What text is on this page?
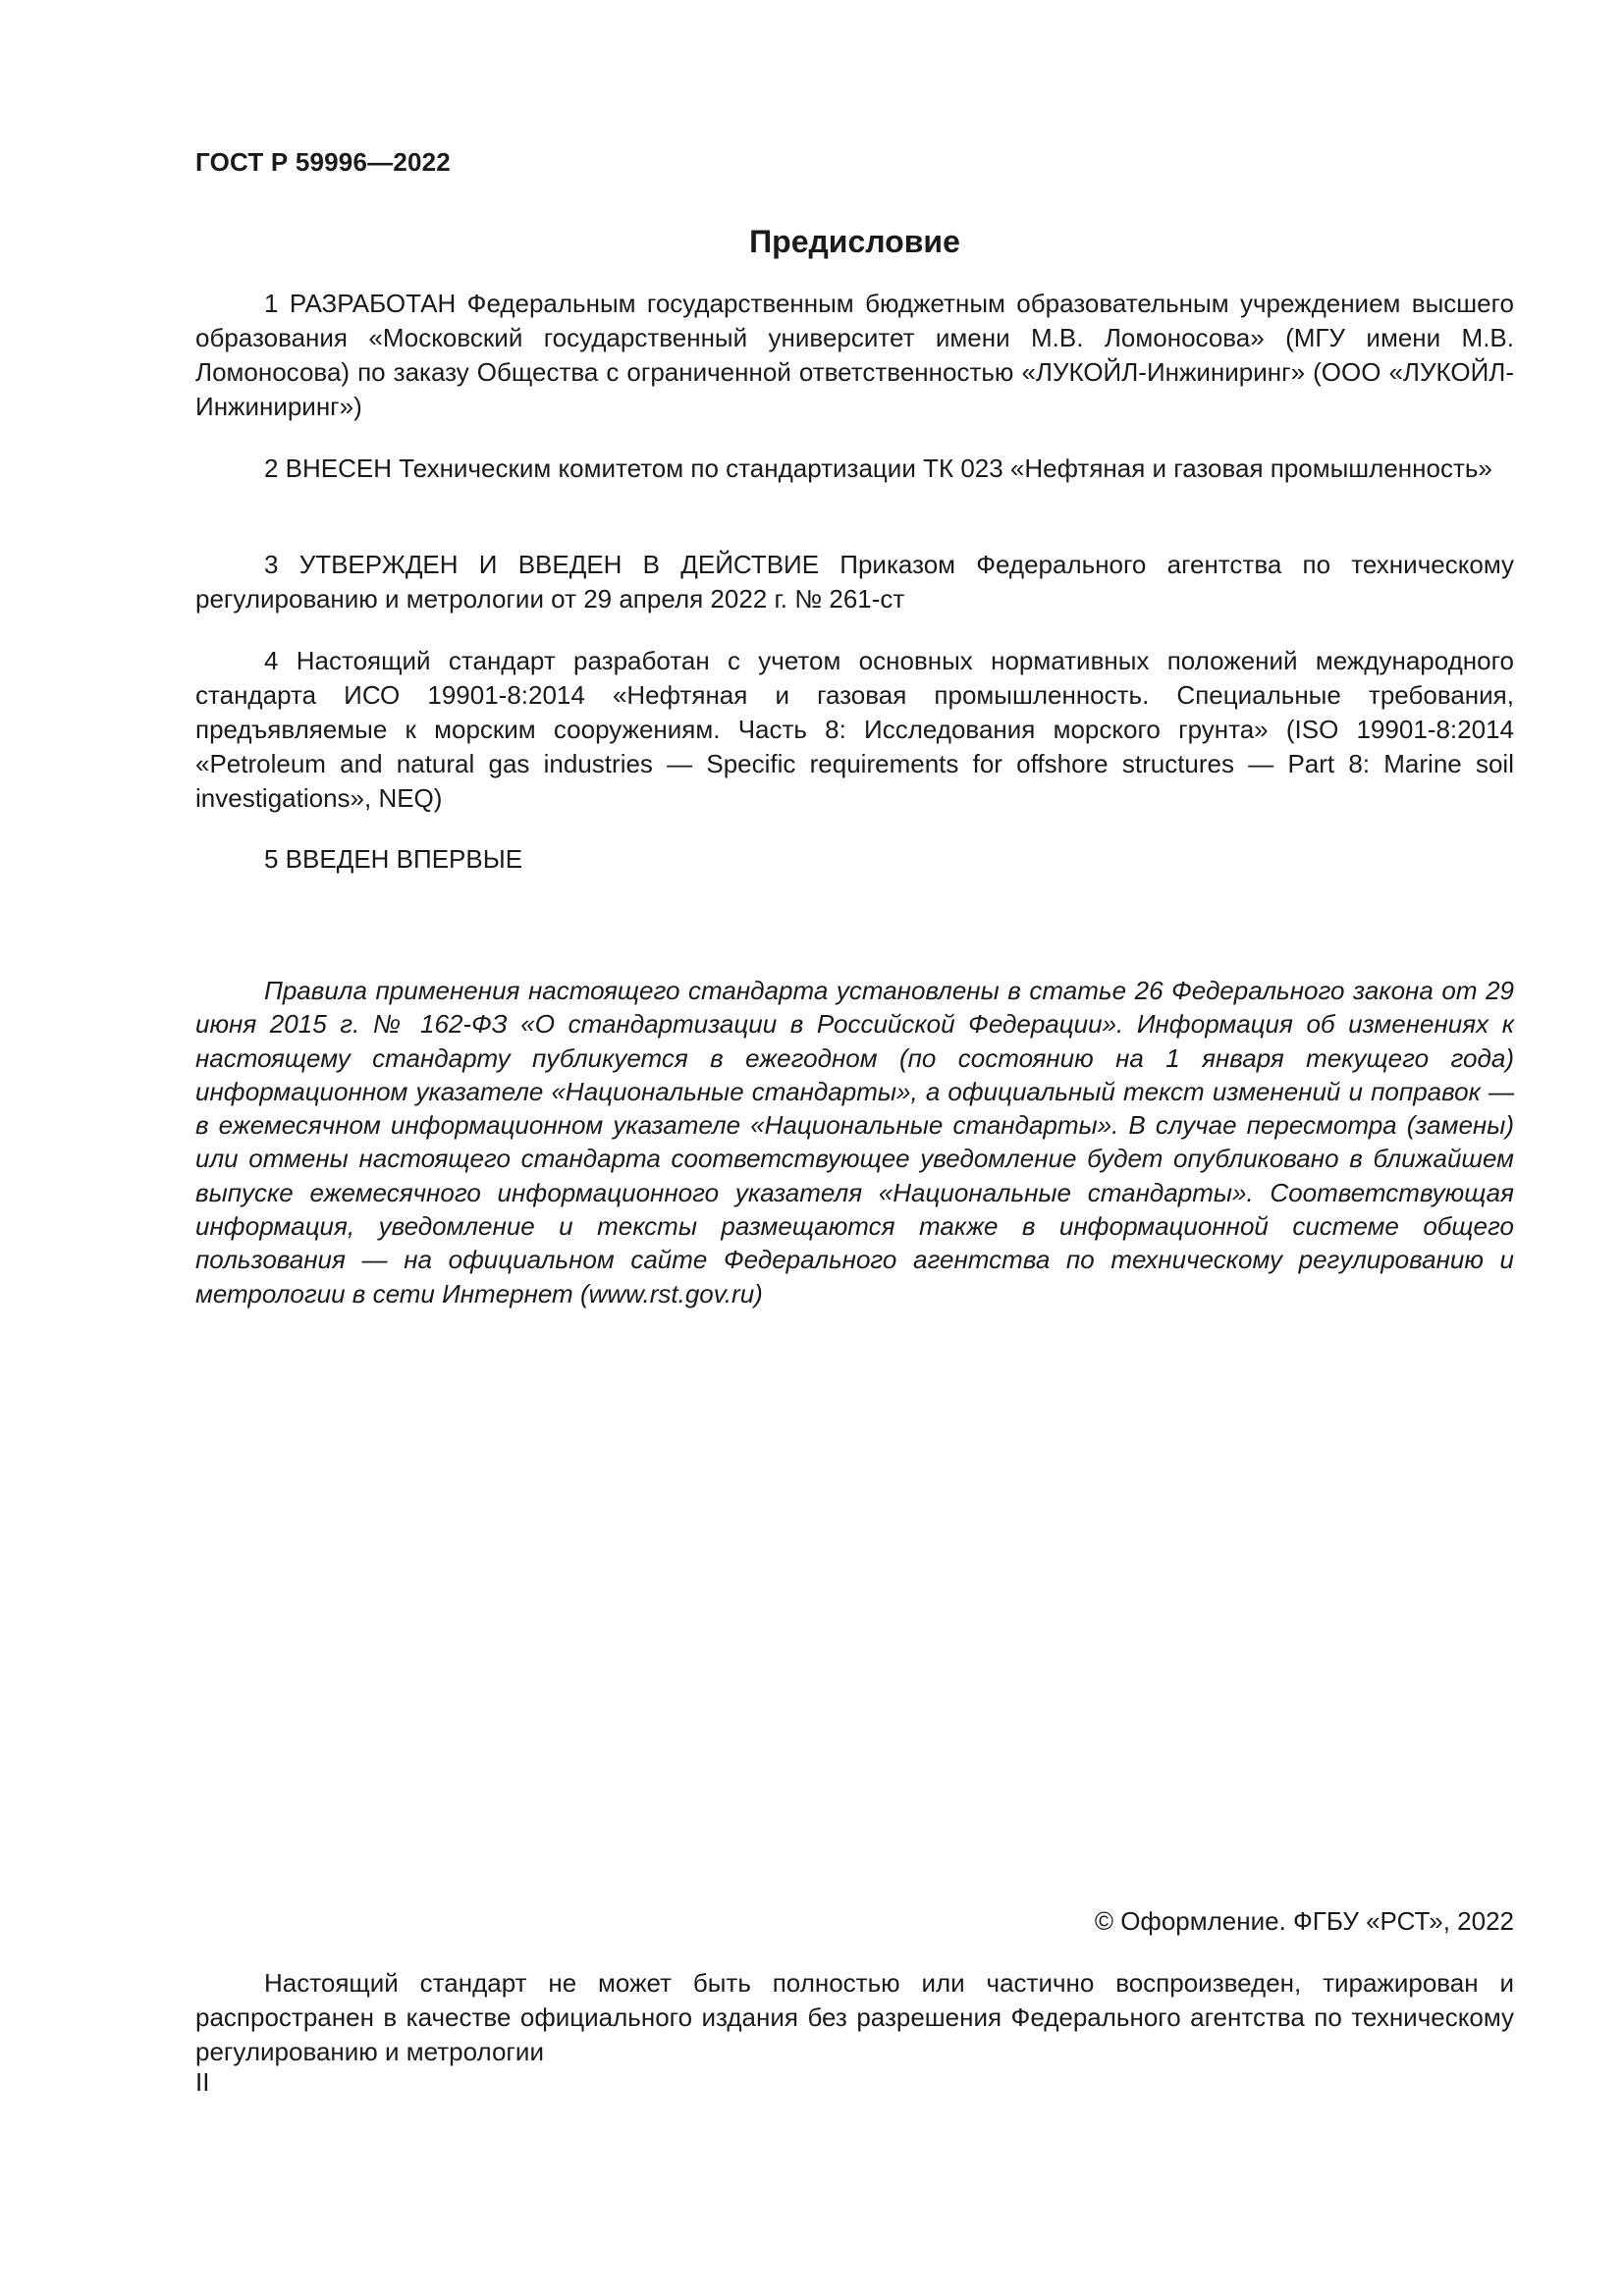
ГОСТ Р 59996—2022
Предисловие

1 РАЗРАБОТАН Федеральным государственным бюджетным образовательным учреждением высшего образования «Московский государственный университет имени М.В. Ломоносова» (МГУ имени М.В. Ломоносова) по заказу Общества с ограниченной ответственностью «ЛУКОЙЛ-Инжиниринг» (ООО «ЛУКОЙЛ-Инжиниринг»)

2 ВНЕСЕН Техническим комитетом по стандартизации ТК 023 «Нефтяная и газовая промышленность»

3 УТВЕРЖДЕН И ВВЕДЕН В ДЕЙСТВИЕ Приказом Федерального агентства по техническому регулированию и метрологии от 29 апреля 2022 г. № 261-ст

4 Настоящий стандарт разработан с учетом основных нормативных положений международного стандарта ИСО 19901-8:2014 «Нефтяная и газовая промышленность. Специальные требования, предъявляемые к морским сооружениям. Часть 8: Исследования морского грунта» (ISO 19901-8:2014 «Petroleum and natural gas industries — Specific requirements for offshore structures — Part 8: Marine soil investigations», NEQ)

5 ВВЕДЕН ВПЕРВЫЕ

Правила применения настоящего стандарта установлены в статье 26 Федерального закона от 29 июня 2015 г. № 162-ФЗ «О стандартизации в Российской Федерации». Информация об изменениях к настоящему стандарту публикуется в ежегодном (по состоянию на 1 января текущего года) информационном указателе «Национальные стандарты», а официальный текст изменений и поправок — в ежемесячном информационном указателе «Национальные стандарты». В случае пересмотра (замены) или отмены настоящего стандарта соответствующее уведомление будет опубликовано в ближайшем выпуске ежемесячного информационного указателя «Национальные стандарты». Соответствующая информация, уведомление и тексты размещаются также в информационной системе общего пользования — на официальном сайте Федерального агентства по техническому регулированию и метрологии в сети Интернет (www.rst.gov.ru)

© Оформление. ФГБУ «РСТ», 2022

Настоящий стандарт не может быть полностью или частично воспроизведен, тиражирован и распространен в качестве официального издания без разрешения Федерального агентства по техническому регулированию и метрологии

II
